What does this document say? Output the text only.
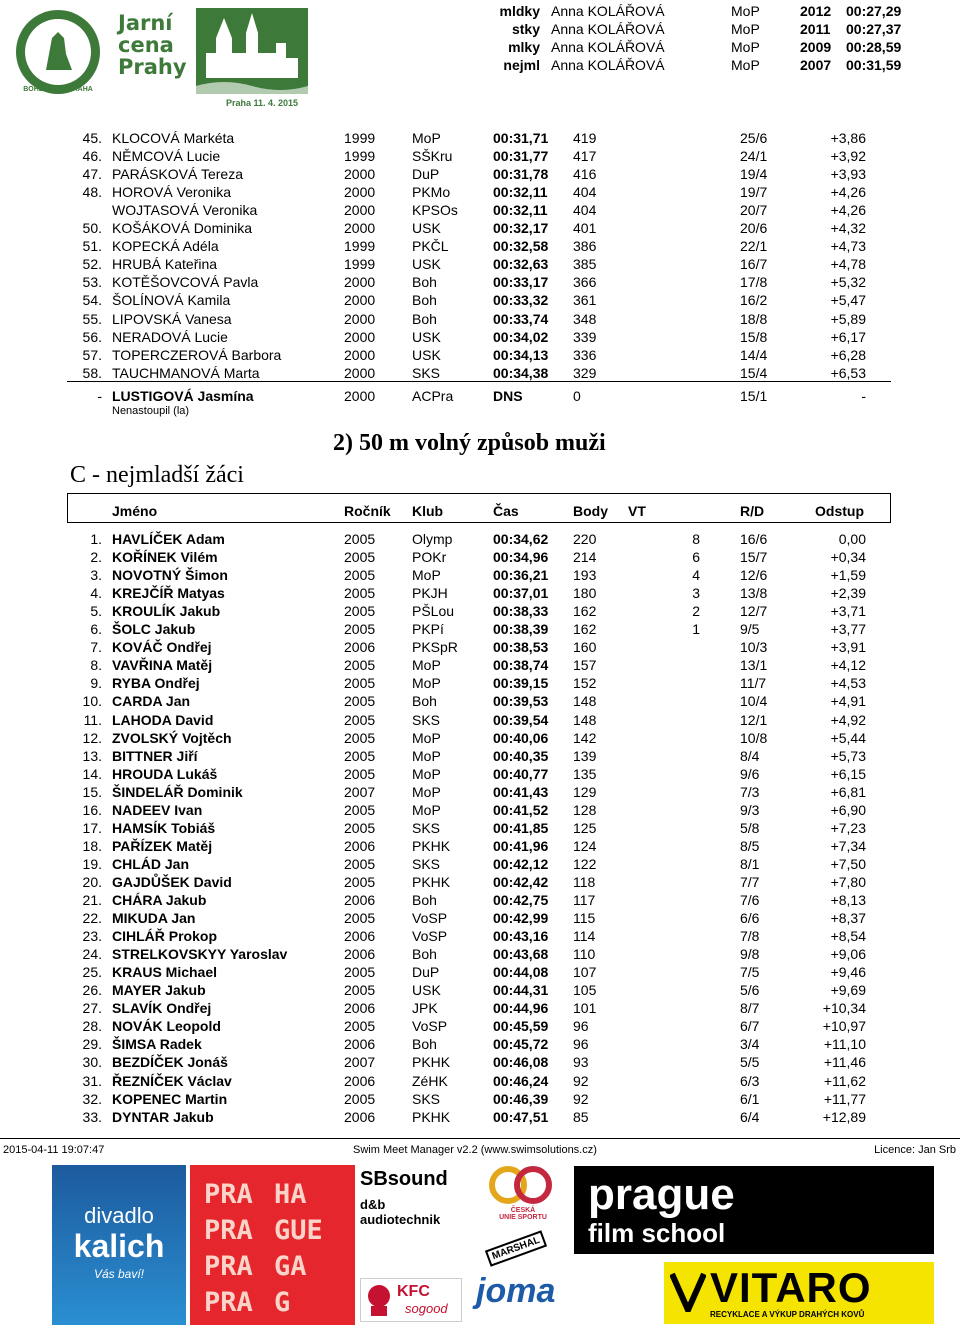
BOHEMIANS PRAHA
Jarní
cena
Prahy
Praha 11. 4. 2015
mldky Anna KOLÁŘOVÁ	MoP	2012 00:27,29
stky Anna KOLÁŘOVÁ	MoP	2011 00:27,37
mlky Anna KOLÁŘOVÁ	MoP	2009 00:28,59
nejml Anna KOLÁŘOVÁ	MoP	2007 00:31,59
45. KLOCOVÁ Markéta	1999	MoP	00:31,71 419	25/6	+3,86
46. NĚMCOVÁ Lucie	1999	SŠKru	00:31,77 417	24/1	+3,92
47. PARÁSKOVÁ Tereza	2000	DuP	00:31,78 416	19/4	+3,93
48. HOROVÁ Veronika	2000	PKMo	00:32,11 404	19/7	+4,26
WOJTASOVÁ Veronika	2000	KPSOs	00:32,11 404	20/7	+4,26
50. KOŠÁKOVÁ Dominika	2000	USK	00:32,17 401	20/6	+4,32
51. KOPECKÁ Adéla	1999	PKČL	00:32,58 386	22/1	+4,73
52. HRUBÁ Kateřina	1999	USK	00:32,63 385	16/7	+4,78
53. KOTĚŠOVCOVÁ Pavla	2000	Boh	00:33,17 366	17/8	+5,32
54. ŠOLÍNOVÁ Kamila	2000	Boh	00:33,32 361	16/2	+5,47
55. LIPOVSKÁ Vanesa	2000	Boh	00:33,74 348	18/8	+5,89
56. NERADOVÁ Lucie	2000	USK	00:34,02 339	15/8	+6,17
57. TOPERCZEROVÁ Barbora	2000	USK	00:34,13 336	14/4	+6,28
58. TAUCHMANOVÁ Marta	2000	SKS	00:34,38 329	15/4	+6,53
- LUSTIGOVÁ Jasmína	2000	ACPra	DNS	0	15/1	-
Nenastoupil (la)
2) 50 m volný způsob muži
C - nejmladší žáci
Jméno	Ročník Klub	Čas	Body VT	R/D	Odstup
1. HAVLÍČEK Adam	2005	Olymp	00:34,62 220	8	16/6	0,00
2. KOŘÍNEK Vilém	2005	POKr	00:34,96 214	6	15/7	+0,34
3. NOVOTNÝ Šimon	2005	MoP	00:36,21 193	4	12/6	+1,59
4. KREJČÍŘ Matyas	2005	PKJH	00:37,01 180	3	13/8	+2,39
5. KROULÍK Jakub	2005	PŠLou	00:38,33 162	2	12/7	+3,71
6. ŠOLC Jakub	2005	PKPí	00:38,39 162	1	9/5	+3,77
7. KOVÁČ Ondřej	2006	PKSpR	00:38,53 160	10/3	+3,91
8. VAVŘINA Matěj	2005	MoP	00:38,74 157	13/1	+4,12
9. RYBA Ondřej	2005	MoP	00:39,15 152	11/7	+4,53
10. CARDA Jan	2005	Boh	00:39,53 148	10/4	+4,91
11. LAHODA David	2005	SKS	00:39,54 148	12/1	+4,92
12. ZVOLSKÝ Vojtěch	2005	MoP	00:40,06 142	10/8	+5,44
13. BITTNER Jiří	2005	MoP	00:40,35 139	8/4	+5,73
14. HROUDA Lukáš	2005	MoP	00:40,77 135	9/6	+6,15
15. ŠINDELÁŘ Dominik	2007	MoP	00:41,43 129	7/3	+6,81
16. NADEEV Ivan	2005	MoP	00:41,52 128	9/3	+6,90
17. HAMSÍK Tobiáš	2005	SKS	00:41,85 125	5/8	+7,23
18. PAŘÍZEK Matěj	2006	PKHK	00:41,96 124	8/5	+7,34
19. CHLÁD Jan	2005	SKS	00:42,12 122	8/1	+7,50
20. GAJDŮŠEK David	2005	PKHK	00:42,42 118	7/7	+7,80
21. CHÁRA Jakub	2006	Boh	00:42,75 117	7/6	+8,13
22. MIKUDA Jan	2005	VoSP	00:42,99 115	6/6	+8,37
23. CIHLÁŘ Prokop	2006	VoSP	00:43,16 114	7/8	+8,54
24. STRELKOVSKYY Yaroslav	2006	Boh	00:43,68 110	9/8	+9,06
25. KRAUS Michael	2005	DuP	00:44,08 107	7/5	+9,46
26. MAYER Jakub	2005	USK	00:44,31 105	5/6	+9,69
27. SLAVÍK Ondřej	2006	JPK	00:44,96 101	8/7	+10,34
28. NOVÁK Leopold	2005	VoSP	00:45,59 96	6/7	+10,97
29. ŠIMSA Radek	2006	Boh	00:45,72 96	3/4	+11,10
30. BEZDÍČEK Jonáš	2007	PKHK	00:46,08 93	5/5	+11,46
31. ŘEZNÍČEK Václav	2006	ZéHK	00:46,24 92	6/3	+11,62
32. KOPENEC Martin	2005	SKS	00:46,39 92	6/1	+11,77
33. DYNTAR Jakub	2006	PKHK	00:47,51 85	6/4	+12,89
2015-04-11 19:07:47	Swim Meet Manager v2.2 (www.swimsolutions.cz)	Licence: Jan Srb
divadlo
kalich
Vás baví!
PRA HAPRA GUEPRA GAPRA G
SBsound
d&b
audiotechnik
ČESKÁ
UNIE SPORTU
MARSHAL
KFC
sogood joma
prague
film school
VITARO
RECYKLACE A VÝKUP DRAHÝCH KOVŮ
